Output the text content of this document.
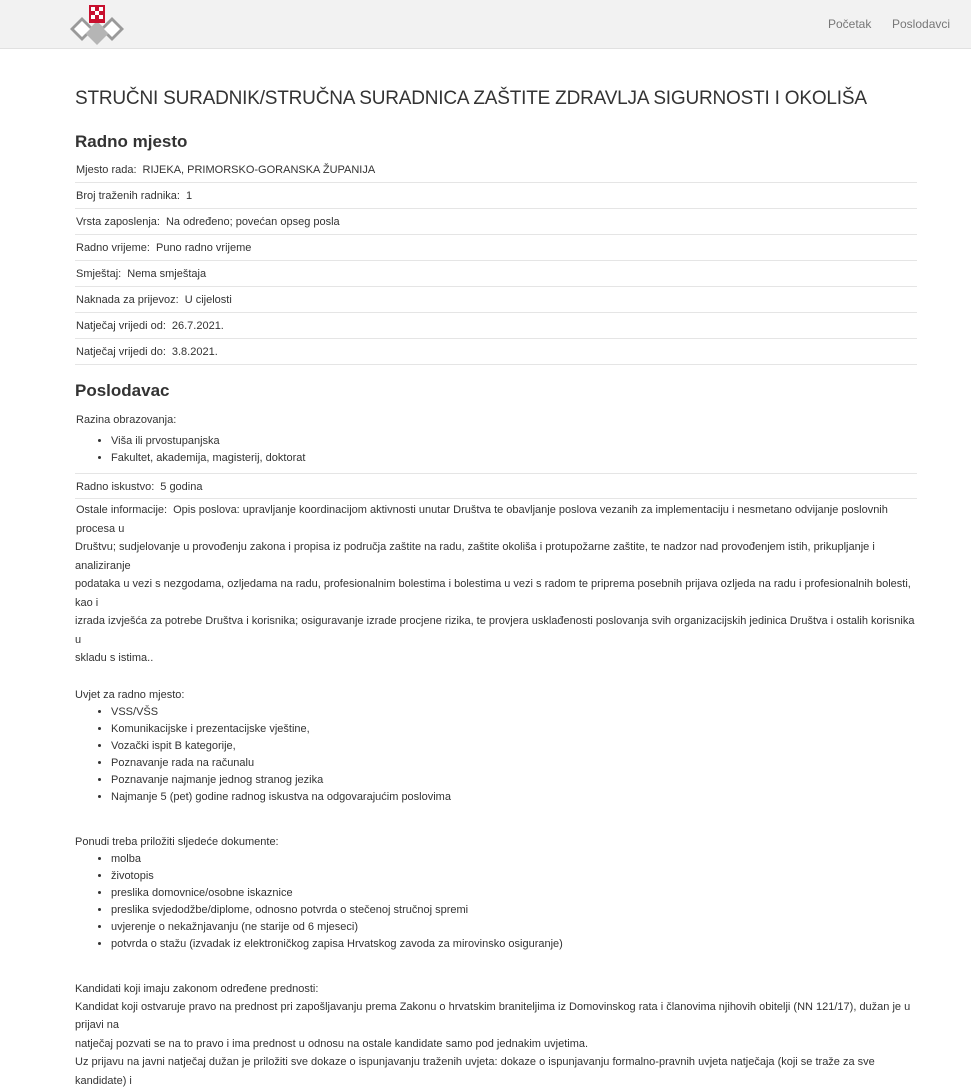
Početak Poslodavci
STRUČNI SURADNIK/STRUČNA SURADNICA ZAŠTITE ZDRAVLJA SIGURNOSTI I OKOLIŠA
Radno mjesto
Mjesto rada: RIJEKA, PRIMORSKO-GORANSKA ŽUPANIJA
Broj traženih radnika: 1
Vrsta zaposlenja: Na određeno; povećan opseg posla
Radno vrijeme: Puno radno vrijeme
Smještaj: Nema smještaja
Naknada za prijevoz: U cijelosti
Natječaj vrijedi od: 26.7.2021.
Natječaj vrijedi do: 3.8.2021.
Poslodavac
Razina obrazovanja:
• Viša ili prvostupanjska
• Fakultet, akademija, magisterij, doktorat
Radno iskustvo: 5 godina

Ostale informacije: Opis poslova: upravljanje koordinacijom aktivnosti unutar Društva te obavljanje poslova vezanih za implementaciju i nesmetano odvijanje poslovnih procesa u

Društvu; sudjelovanje u provođenju zakona i propisa iz područja zaštite na radu, zaštite okoliša i protupožarne zaštite, te nadzor nad provođenjem istih, prikupljanje i analiziranje

podataka u vezi s nezgodama, ozljedama na radu, profesionalnim bolestima i bolestima u vezi s radom te priprema posebnih prijava ozljeda na radu i profesionalnih bolesti, kao i

izrada izvješća za potrebe Društva i korisnika; osiguravanje izrade procjene rizika, te provjera usklađenosti poslovanja svih organizacijskih jedinica Društva i ostalih korisnika u

skladu s istima..

Uvjet za radno mjesto:
• VSS/VŠS
• Komunikacijske i prezentacijske vještine,
• Vozački ispit B kategorije,
• Poznavanje rada na računalu
• Poznavanje najmanje jednog stranog jezika
• Najmanje 5 (pet) godine radnog iskustva na odgovarajućim poslovima
Ponudi treba priložiti sljedeće dokumente:
• molba
• životopis
• preslika domovnice/osobne iskaznice
• preslika svjedodžbe/diplome, odnosno potvrda o stečenoj stručnoj spremi
• uvjerenje o nekažnjavanju (ne starije od 6 mjeseci)
• potvrda o stažu (izvadak iz elektroničkog zapisa Hrvatskog zavoda za mirovinsko osiguranje)
Kandidati koji imaju zakonom određene prednosti:

Kandidat koji ostvaruje pravo na prednost pri zapošljavanju prema Zakonu o hrvatskim braniteljima iz Domovinskog rata i članovima njihovih obitelji (NN 121/17), dužan je u prijavi na

natječaj pozvati se na to pravo i ima prednost u odnosu na ostale kandidate samo pod jednakim uvjetima.

Uz prijavu na javni natječaj dužan je priložiti sve dokaze o ispunjavanju traženih uvjeta: dokaze o ispunjavanju formalno-pravnih uvjeta natječaja (koji se traže za sve kandidate) i
